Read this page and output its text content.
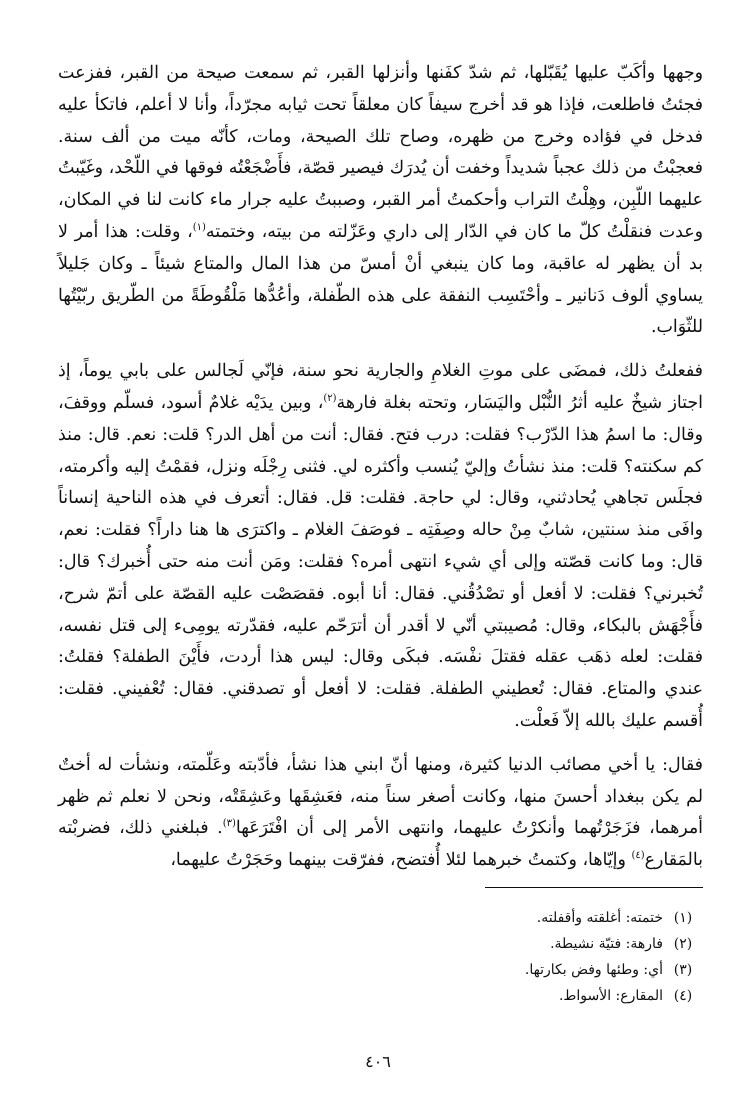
وجهها وأكَبّ عليها يُقَبّلها، ثم شدّ كفَنها وأنزلها القبر، ثم سمعت صيحة من القبر، ففزعت فجئتُ فاطلعت، فإذا هو قد أخرج سيفاً كان معلقاً تحت ثيابه مجرّداً، وأنا لا أعلم، فاتكأ عليه فدخل في فؤاده وخرج من ظهره، وصاح تلك الصيحة، ومات، كأنّه ميت من ألف سنة. فعجبْتُ من ذلك عجباً شديداً وخفت أن يُدرَك فيصير قصّة، فأَضْجَعْتُه فوقها في اللّحْد، وغَيّبتُ عليهما اللّبِن، وهِلْتُ التراب وأحكمتُ أمر القبر، وصببتُ عليه جرار ماء كانت لنا في المكان، وعدت فنقلْتُ كلّ ما كان في الدّار إلى داري وعَزّلته من بيته، وختمته$^{(١)}$، وقلت: هذا أمر لا بد أن يظهر له عاقبة، وما كان ينبغي أنْ أمسّ من هذا المال والمتاع شيئاً ـ وكان جَليلاً يساوي ألوف دَنانير ـ وأحْتَسِب النفقة على هذه الطّفلة، وأعُدُّها مَلْقُوطَةً من الطّريق ربّيْتُها للثّوَاب.

ففعلتُ ذلك، فمضَى على موتِ الغلامِ والجارية نحو سنة، فإنّي لَجالس على بابي يوماً، إذ اجتاز شيخٌ عليه أثرُ النُّبْل واليَسَار، وتحته بغلة فارهة$^{(٢)}$، وبين يدَيْه غلامٌ أسود، فسلّم ووقفَ، وقال: ما اسمُ هذا الدّرْب؟ فقلت: درب فتح. فقال: أنت من أهل الدر؟ قلت: نعم. قال: منذ كم سكنته؟ قلت: منذ نشأتُ وإليّ يُنسب وأكثره لي. فثنى رِجْلَه ونزل، فقمْتُ إليه وأكرمته، فجلَس تجاهي يُحادثني، وقال: لي حاجة. فقلت: قل. فقال: أتعرف في هذه الناحية إنساناً وافَى منذ سنتين، شابٌ مِنْ حاله وصِفَتِه ـ فوصَفَ الغلام ـ واكترَى ها هنا داراً؟ فقلت: نعم، قال: وما كانت قصّته وإلى أي شيء انتهى أمره؟ فقلت: ومَن أنت منه حتى أُخبرك؟ قال: تُخبرني؟ فقلت: لا أفعل أو تصْدُقُني. فقال: أنا أبوه. فقصَصْت عليه القصّة على أتمّ شرح، فأَجْهَش بالبكاء، وقال: مُصيبتي أنّي لا أقدر أن أترَحّم عليه، فقدّرته يومِىء إلى قتل نفسه، فقلت: لعله ذهَب عقله فقتلَ نفْسَه. فبكَى وقال: ليس هذا أردت، فأَيْنَ الطفلة؟ فقلتُ: عندي والمتاع. فقال: تُعطيني الطفلة. فقلت: لا أفعل أو تصدقني. فقال: تُعْفيني. فقلت: أُقسم عليك بالله إلاّ فَعلْت.

فقال: يا أخي مصائب الدنيا كثيرة، ومنها أنّ ابني هذا نشأ، فأدّبته وعَلّمته، ونشأت له أختٌ لم يكن ببغداد أحسنَ منها، وكانت أصغر سناً منه، فعَشِقَها وعَشِقَتْه، ونحن لا نعلم ثم ظهر أمرهما، فزَجَرْتُهما وأنكرْتُ عليهما، وانتهى الأمر إلى أن افْتَرَعَها$^{(٣)}$. فبلغني ذلك، فضربْته بالمَقارع$^{(٤)}$ وإيّاها، وكتمتُ خبرهما لئلا أُفتضح، ففرّقت بينهما وحَجَرْتُ عليهما،

(١)
ختمته: أغلقته وأقفلته.
(٢)
فارهة: فتيّة نشيطة.
(٣)
أي: وطئها وفض بكارتها.
(٤)
المقارع: الأسواط.
٤٠٦
